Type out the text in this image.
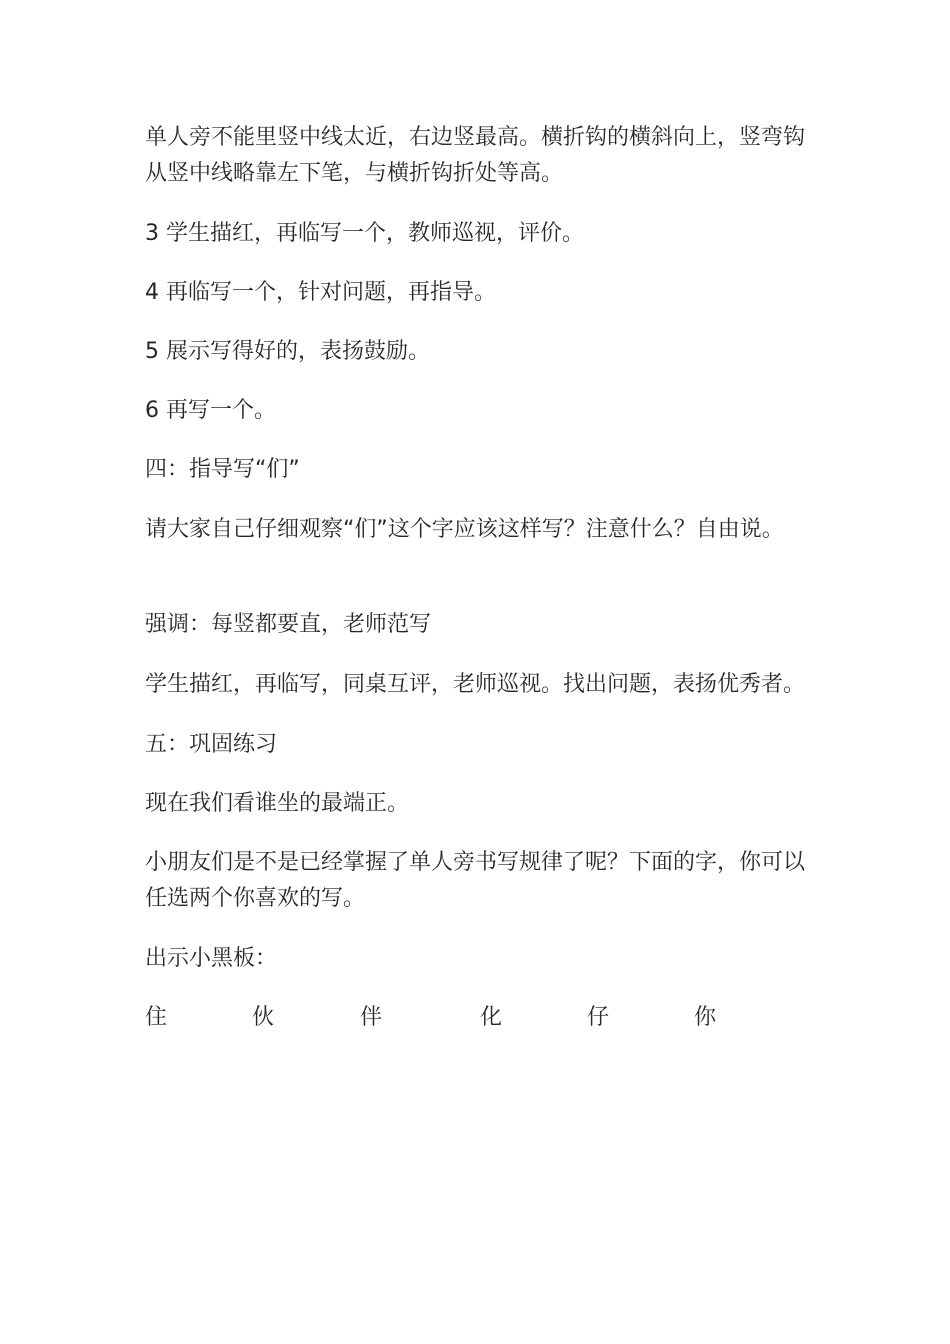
单人旁不能里竖中线太近，右边竖最高。横折钩的横斜向上，竖弯钩从竖中线略靠左下笔，与横折钩折处等高。

3 学生描红，再临写一个，教师巡视，评价。

4 再临写一个，针对问题，再指导。

5 展示写得好的，表扬鼓励。

6 再写一个。

四：指导写“们”

请大家自己仔细观察“们”这个字应该这样写？注意什么？自由说。

强调：每竖都要直，老师范写

学生描红，再临写，同桌互评，老师巡视。找出问题，表扬优秀者。

五：巩固练习

现在我们看谁坐的最端正。

小朋友们是不是已经掌握了单人旁书写规律了呢？下面的字，你可以任选两个你喜欢的写。

出示小黑板：

住	伙	伴	化	仔	你
